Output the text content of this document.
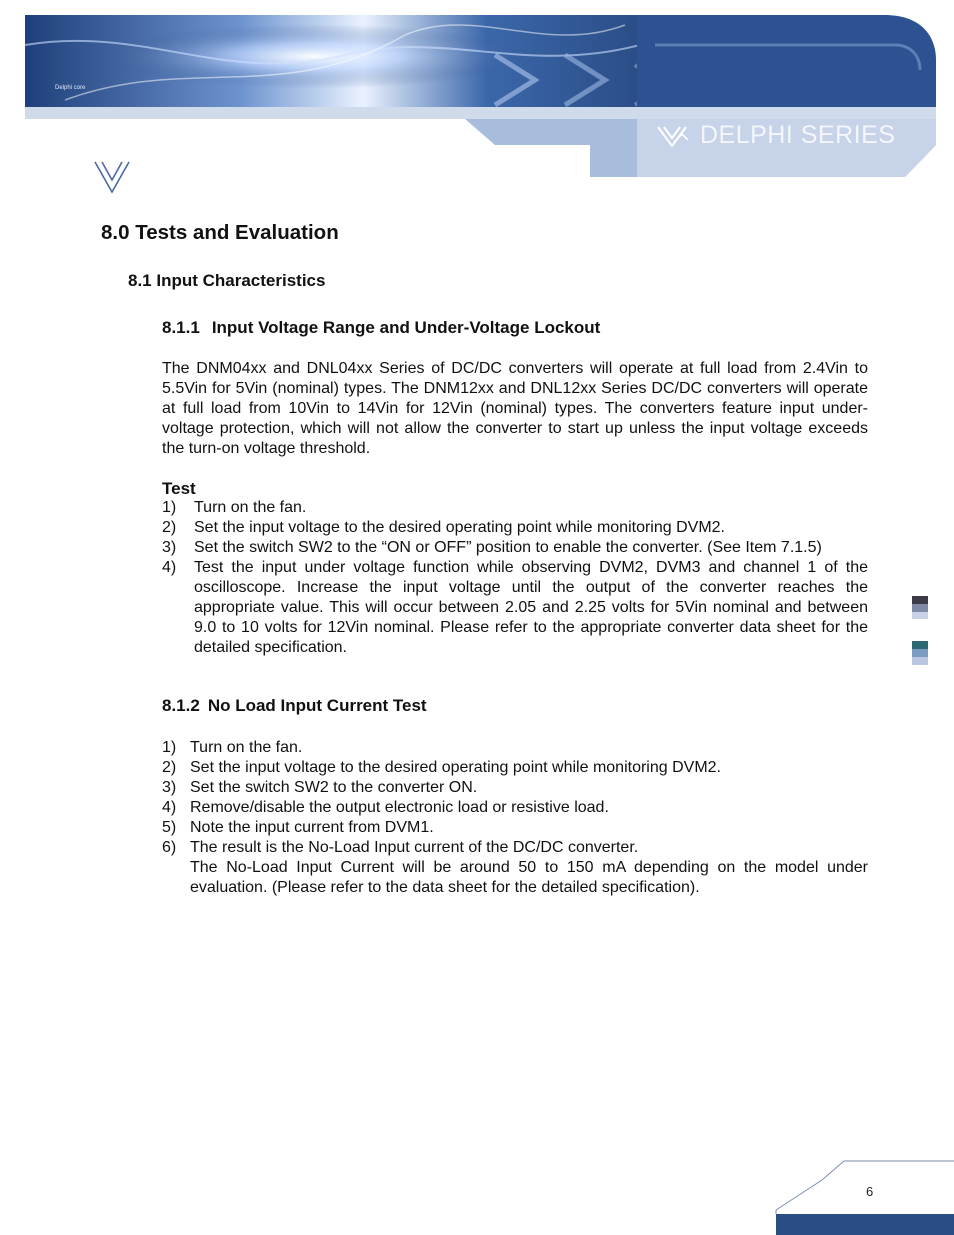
Delphi core
DELPHI SERIES
8.0 Tests and Evaluation
8.1 Input Characteristics
8.1.1 Input Voltage Range and Under-Voltage Lockout
The DNM04xx and DNL04xx Series of DC/DC converters will operate at full load from 2.4Vin to 5.5Vin for 5Vin (nominal) types. The DNM12xx and DNL12xx Series DC/DC converters will operate at full load from 10Vin to 14Vin for 12Vin (nominal) types. The converters feature input under-voltage protection, which will not allow the converter to start up unless the input voltage exceeds the turn-on voltage threshold.
Test
1) Turn on the fan.
2) Set the input voltage to the desired operating point while monitoring DVM2.
3) Set the switch SW2 to the “ON or OFF” position to enable the converter. (See Item 7.1.5)
4) Test the input under voltage function while observing DVM2, DVM3 and channel 1 of the oscilloscope. Increase the input voltage until the output of the converter reaches the appropriate value. This will occur between 2.05 and 2.25 volts for 5Vin nominal and between 9.0 to 10 volts for 12Vin nominal. Please refer to the appropriate converter data sheet for the detailed specification.
8.1.2 No Load Input Current Test
1) Turn on the fan.
2) Set the input voltage to the desired operating point while monitoring DVM2.
3) Set the switch SW2 to the converter ON.
4) Remove/disable the output electronic load or resistive load.
5) Note the input current from DVM1.
6) The result is the No-Load Input current of the DC/DC converter.
The No-Load Input Current will be around 50 to 150 mA depending on the model under evaluation. (Please refer to the data sheet for the detailed specification).
6
